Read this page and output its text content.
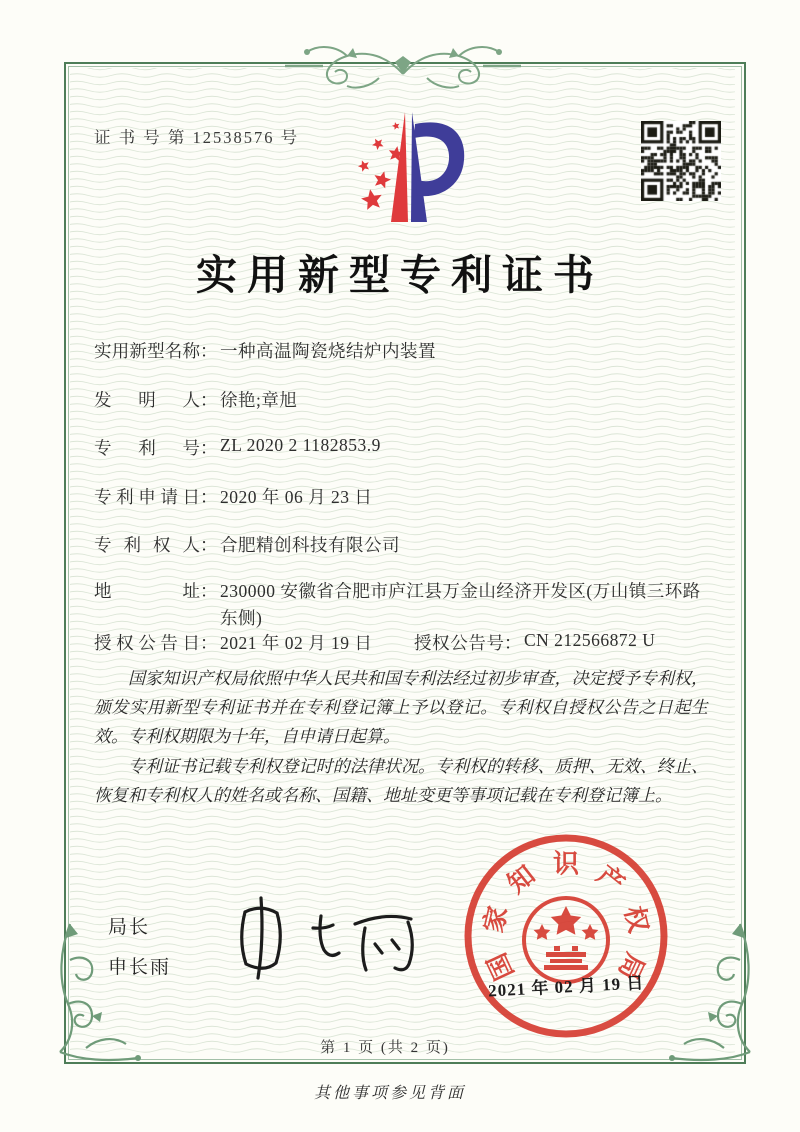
证 书 号 第 12538576 号
实用新型专利证书
实用新型名称： 一种高温陶瓷烧结炉内装置
发明人： 徐艳;章旭
专利号： ZL 2020 2 1182853.9
专利申请日： 2020 年 06 月 23 日
专利权人： 合肥精创科技有限公司
地址： 230000 安徽省合肥市庐江县万金山经济开发区(万山镇三环路东侧)
授权公告日： 2021 年 02 月 19 日 授权公告号： CN 212566872 U

国家知识产权局依照中华人民共和国专利法经过初步审查，决定授予专利权，颁发实用新型专利证书并在专利登记簿上予以登记。专利权自授权公告之日起生效。专利权期限为十年，自申请日起算。

专利证书记载专利权登记时的法律状况。专利权的转移、质押、无效、终止、恢复和专利权人的姓名或名称、国籍、地址变更等事项记载在专利登记簿上。

局长
申长雨	国
家
知 识 产
权
局
2021 年 02 月 19 日
第 1 页 (共 2 页)
其他事项参见背面
